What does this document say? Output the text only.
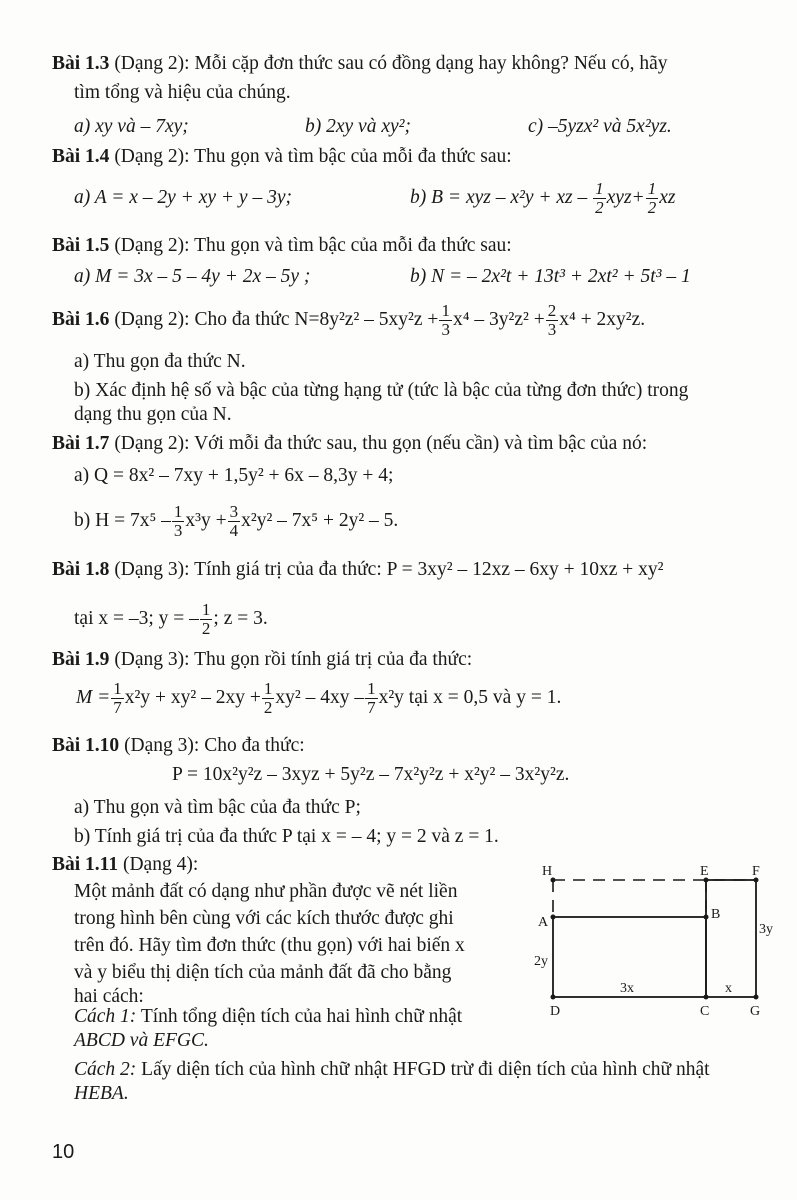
Bài 1.3 (Dạng 2): Mỗi cặp đơn thức sau có đồng dạng hay không? Nếu có, hãy
tìm tổng và hiệu của chúng.
a) xy và – 7xy;	b) 2xy và xy²;	c) –5yzx² và 5x²yz.
Bài 1.4 (Dạng 2): Thu gọn và tìm bậc của mỗi đa thức sau:
a) A = x – 2y + xy + y – 3y;	b) B = xyz – x²y + xz – $\frac{1}{2} xyz+ \frac{1}{2}$ xz
Bài 1.5 (Dạng 2): Thu gọn và tìm bậc của mỗi đa thức sau:
a) M = 3x – 5 – 4y + 2x – 5y ;	b) N = – 2x²t + 13t³ + 2xt² + 5t³ – 1
Bài 1.6 (Dạng 2): Cho đa thức $N=8y^2z^2 - 5xy^2z + \frac{1}{3} x^4 - 3y^2z^2 + \frac{2}{3} x^4 + 2xy^2z$.
a) Thu gọn đa thức N.
b) Xác định hệ số và bậc của từng hạng tử (tức là bậc của từng đơn thức) trong
dạng thu gọn của N.
Bài 1.7 (Dạng 2): Với mỗi đa thức sau, thu gọn (nếu cần) và tìm bậc của nó:
a) Q = 8x² – 7xy + 1,5y² + 6x – 8,3y + 4;
b) $H = 7x^5 - \frac{1}{3} x^3y + \frac{3}{4} x^2y^2 - 7x^5 + 2y^2 - 5$.
Bài 1.8 (Dạng 3): Tính giá trị của đa thức: P = 3xy² – 12xz – 6xy + 10xz + xy²
tại x = –3; y = – $\frac{1}{2}$ ; z = 3.
Bài 1.9 (Dạng 3): Thu gọn rồi tính giá trị của đa thức:
$M = \frac{1}{7} x^2y + xy^2 - 2xy + \frac{1}{2} xy^2 - 4xy - \frac{1}{7} x^2y$ tại x = 0,5 và y = 1.
Bài 1.10 (Dạng 3): Cho đa thức:
P = 10x²y²z – 3xyz + 5y²z – 7x²y²z + x²y² – 3x²y²z.
a) Thu gọn và tìm bậc của đa thức P;
b) Tính giá trị của đa thức P tại x = – 4; y = 2 và z = 1.
Bài 1.11 (Dạng 4):
Một mảnh đất có dạng như phần được vẽ nét liền
trong hình bên cùng với các kích thước được ghi
trên đó. Hãy tìm đơn thức (thu gọn) với hai biến x
và y biểu thị diện tích của mảnh đất đã cho bằng
hai cách:
Cách 1: Tính tổng diện tích của hai hình chữ nhật
ABCD và EFGC.
Cách 2: Lấy diện tích của hình chữ nhật HFGD trừ đi diện tích của hình chữ nhật
HEBA.
H	E	F
A
B
D	C	G
3y
2y
3x	x
10
